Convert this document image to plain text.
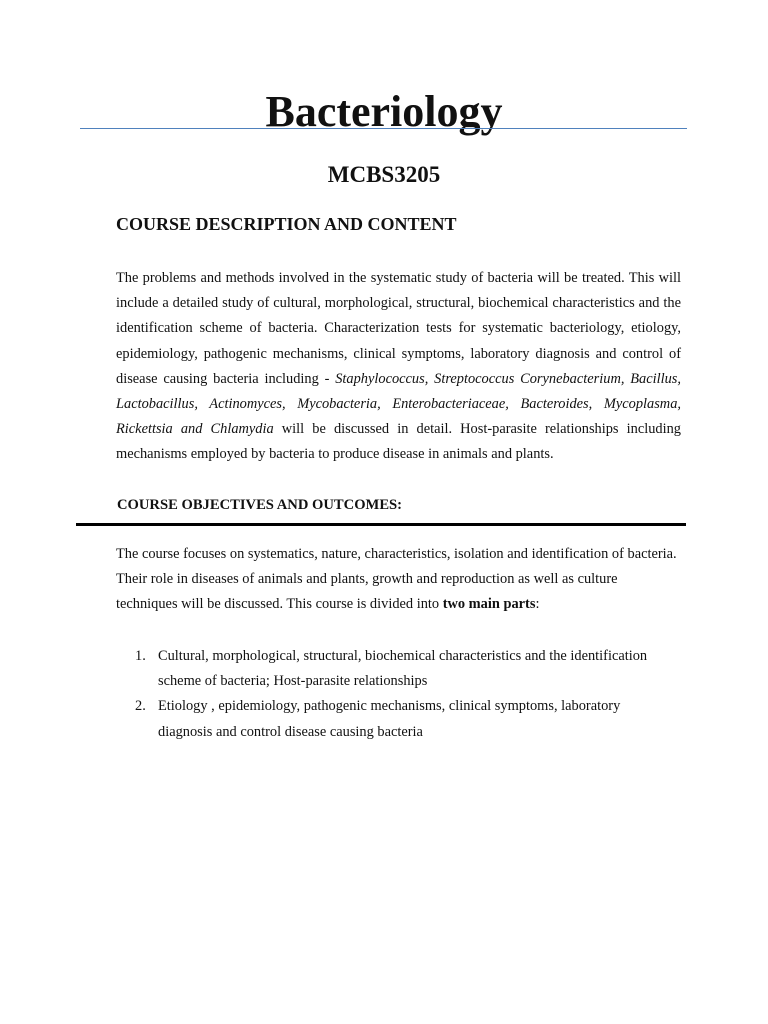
Bacteriology
MCBS3205
COURSE DESCRIPTION AND CONTENT

The problems and methods involved in the systematic study of bacteria will be treated. This will include a detailed study of cultural, morphological, structural, biochemical characteristics and the identification scheme of bacteria. Characterization tests for systematic bacteriology, etiology, epidemiology, pathogenic mechanisms, clinical symptoms, laboratory diagnosis and control of disease causing bacteria including - Staphylococcus, Streptococcus Corynebacterium, Bacillus, Lactobacillus, Actinomyces, Mycobacteria, Enterobacteriaceae, Bacteroides, Mycoplasma, Rickettsia and Chlamydia will be discussed in detail. Host-parasite relationships including mechanisms employed by bacteria to produce disease in animals and plants.

COURSE OBJECTIVES AND OUTCOMES:

The course focuses on systematics, nature, characteristics, isolation and identification of bacteria. Their role in diseases of animals and plants, growth and reproduction as well as culture techniques will be discussed. This course is divided into two main parts:

1. Cultural, morphological, structural, biochemical characteristics and the identification scheme of bacteria; Host-parasite relationships
2. Etiology , epidemiology, pathogenic mechanisms, clinical symptoms, laboratory diagnosis and control disease causing bacteria
